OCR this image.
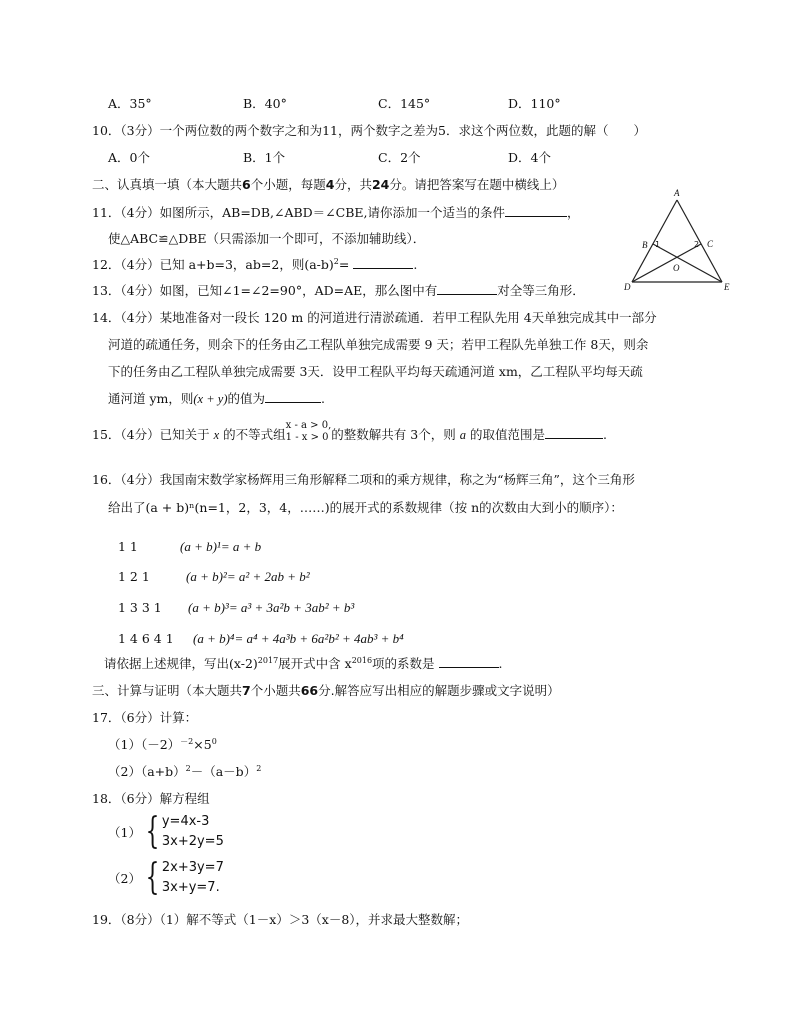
A．35°	B．40°	C．145°	D．110°
10．（3分）一个两位数的两个数字之和为11，两个数字之差为5．求这个两位数，此题的解（　　）
A．0个	B．1个	C．2个	D．4个
二、认真填一填（本大题共6个小题，每题4分，共24分。请把答案写在题中横线上）
11．（4分）如图所示，AB=DB,∠ABD＝∠CBE,请你添加一个适当的条件	，
使△ABC≌△DBE（只需添加一个即可，不添加辅助线）．
A
B	C
D	E
O
1	2
12．（4分）已知 a+b=3，ab=2，则$(a-b)^2=$	.
13．（4分）如图，已知∠1=∠2=90°，AD=AE，那么图中有	对全等三角形．
14．（4分）某地准备对一段长 120 m 的河道进行清淤疏通．若甲工程队先用 4天单独完成其中一部分
河道的疏通任务，则余下的任务由乙工程队单独完成需要 9 天；若甲工程队先单独工作 8天，则余
下的任务由乙工程队单独完成需要 3天．设甲工程队平均每天疏通河道 xm，乙工程队平均每天疏
通河道 ym，则(x + y)的值为	.
15．（4分）已知关于 x 的不等式组
x - a > 0,
1 - x > 0 的整数解共有 3个，则 a 的取值范围是	.
16．（4分）我国南宋数学家杨辉用三角形解释二项和的乘方规律，称之为“杨辉三角”，这个三角形
给出了(a + b)ⁿ(n=1，2，3，4，……)的展开式的系数规律（按 n的次数由大到小的顺序）：
1 1	(a + b)¹= a + b
1 2 1	(a + b)²= a² + 2ab + b²
1 3 3 1 (a + b)³= a³ + 3a²b + 3ab² + b³
1 4 6 4 1 (a + b)⁴= a⁴ + 4a³b + 6a²b² + 4ab³ + b⁴
请依据上述规律，写出$(x-2)^{2017}$展开式中含 $x^{2016}$项的系数是	.
三、计算与证明（本大题共7个小题共66分.解答应写出相应的解题步骤或文字说明）
17．（6分）计算：
$(1)(-2)^{-2}\times 5^0$
$(2)(a+b)^2-(a-b)^2$
18．（6分）解方程组
（1） { y=4x-3
3x+2y=5
（2） { 2x+3y=7
3x+y=7.
19．（8分）（1）解不等式（1－x）＞3（x－8），并求最大整数解；
